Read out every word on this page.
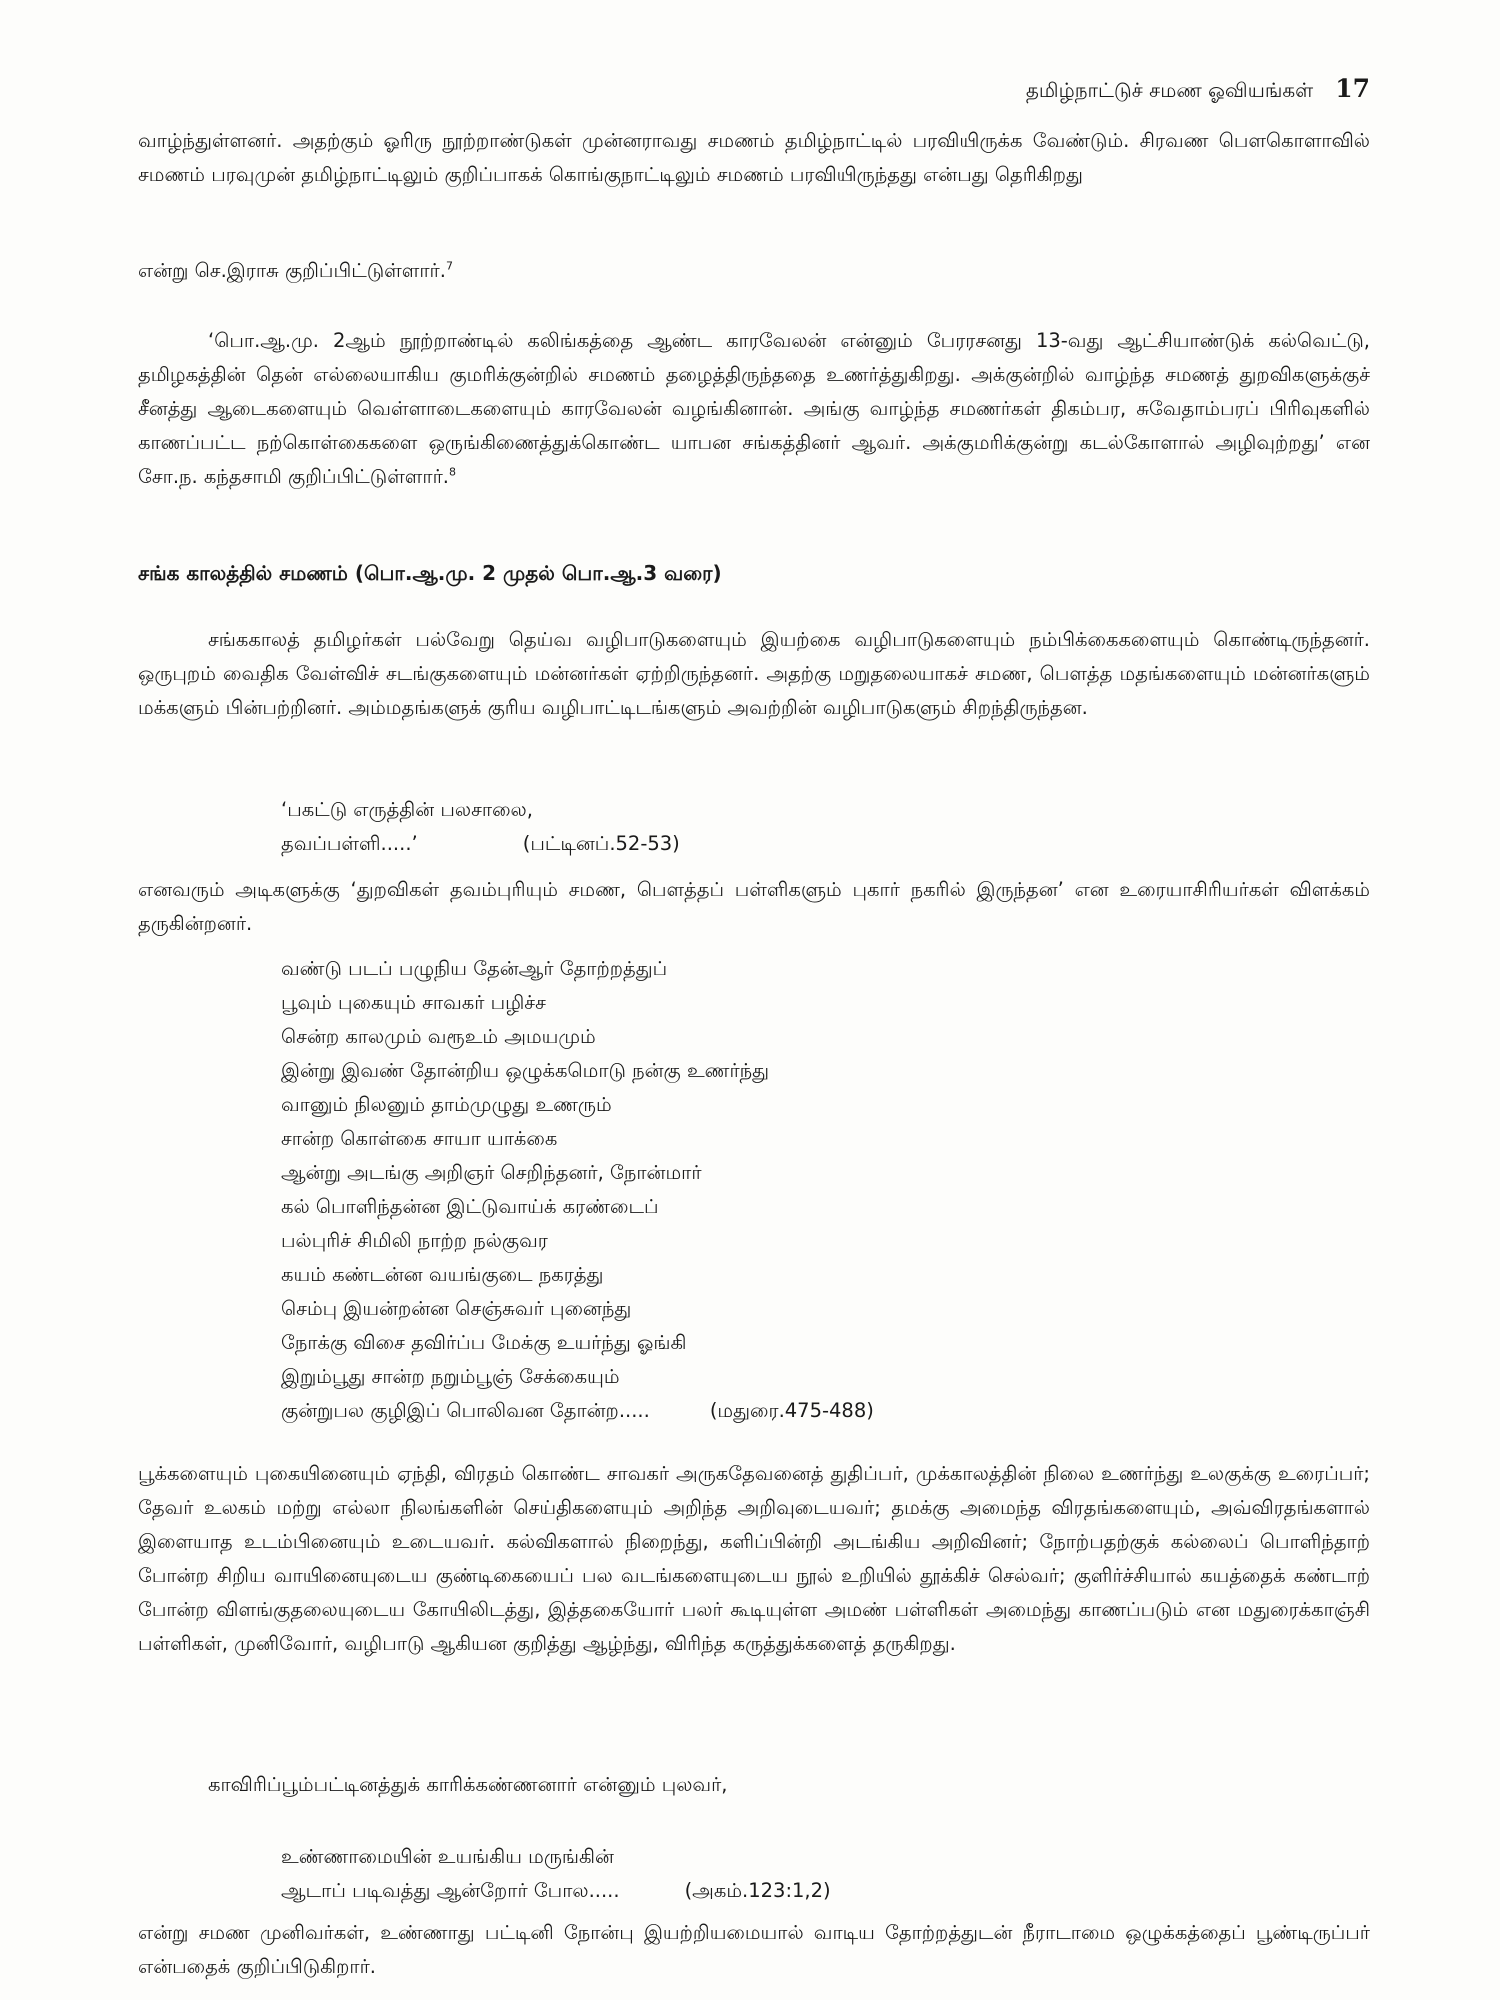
தமிழ்நாட்டுச் சமண ஓவியங்கள் 17

வாழ்ந்துள்ளனர். அதற்கும் ஓரிரு நூற்றாண்டுகள் முன்னராவது சமணம் தமிழ்நாட்டில் பரவியிருக்க வேண்டும். சிரவண பெளகொளாவில் சமணம் பரவுமுன் தமிழ்நாட்டிலும் குறிப்பாகக் கொங்குநாட்டிலும் சமணம் பரவியிருந்தது என்பது தெரிகிறது

என்று செ.இராசு குறிப்பிட்டுள்ளார்.$^7$

‘பொ.ஆ.மு. 2ஆம் நூற்றாண்டில் கலிங்கத்தை ஆண்ட காரவேலன் என்னும் பேரரசனது 13-வது ஆட்சியாண்டுக் கல்வெட்டு, தமிழகத்தின் தென் எல்லையாகிய குமரிக்குன்றில் சமணம் தழைத்திருந்ததை உணர்த்துகிறது. அக்குன்றில் வாழ்ந்த சமணத் துறவிகளுக்குச் சீனத்து ஆடைகளையும் வெள்ளாடைகளையும் காரவேலன் வழங்கினான். அங்கு வாழ்ந்த சமணர்கள் திகம்பர, சுவேதாம்பரப் பிரிவுகளில் காணப்பட்ட நற்கொள்கைகளை ஒருங்கிணைத்துக்கொண்ட யாபன சங்கத்தினர் ஆவர். அக்குமரிக்குன்று கடல்கோளால் அழிவுற்றது’ என சோ.ந. கந்தசாமி குறிப்பிட்டுள்ளார்.$^8$

சங்க காலத்தில் சமணம் (பொ.ஆ.மு. 2 முதல் பொ.ஆ.3 வரை)

சங்ககாலத் தமிழர்கள் பல்வேறு தெய்வ வழிபாடுகளையும் இயற்கை வழிபாடுகளையும் நம்பிக்கைகளையும் கொண்டிருந்தனர். ஒருபுறம் வைதிக வேள்விச் சடங்குகளையும் மன்னர்கள் ஏற்றிருந்தனர். அதற்கு மறுதலையாகச் சமண, பௌத்த மதங்களையும் மன்னர்களும் மக்களும் பின்பற்றினர். அம்மதங்களுக் குரிய வழிபாட்டிடங்களும் அவற்றின் வழிபாடுகளும் சிறந்திருந்தன.

‘பகட்டு எருத்தின் பலசாலை,
தவப்பள்ளி.....’	(பட்டினப்.52-53)

எனவரும் அடிகளுக்கு ‘துறவிகள் தவம்புரியும் சமண, பௌத்தப் பள்ளிகளும் புகார் நகரில் இருந்தன’ என உரையாசிரியர்கள் விளக்கம் தருகின்றனர்.

வண்டு படப் பழுநிய தேன்ஆர் தோற்றத்துப்
பூவும் புகையும் சாவகர் பழிச்ச
சென்ற காலமும் வரூஉம் அமயமும்
இன்று இவண் தோன்றிய ஒழுக்கமொடு நன்கு உணர்ந்து
வானும் நிலனும் தாம்முழுது உணரும்
சான்ற கொள்கை சாயா யாக்கை
ஆன்று அடங்கு அறிஞர் செறிந்தனர், நோன்மார்
கல் பொளிந்தன்ன இட்டுவாய்க் கரண்டைப்
பல்புரிச் சிமிலி நாற்ற நல்குவர
கயம் கண்டன்ன வயங்குடை நகரத்து
செம்பு இயன்றன்ன செஞ்சுவர் புனைந்து
நோக்கு விசை தவிர்ப்ப மேக்கு உயர்ந்து ஓங்கி
இறும்பூது சான்ற நறும்பூஞ் சேக்கையும்
குன்றுபல குழிஇப் பொலிவன தோன்ற.....	(மதுரை.475-488)

பூக்களையும் புகையினையும் ஏந்தி, விரதம் கொண்ட சாவகர் அருகதேவனைத் துதிப்பர், முக்காலத்தின் நிலை உணர்ந்து உலகுக்கு உரைப்பர்; தேவர் உலகம் மற்று எல்லா நிலங்களின் செய்திகளையும் அறிந்த அறிவுடையவர்; தமக்கு அமைந்த விரதங்களையும், அவ்விரதங்களால் இளையாத உடம்பினையும் உடையவர். கல்விகளால் நிறைந்து, களிப்பின்றி அடங்கிய அறிவினர்; நோற்பதற்குக் கல்லைப் பொளிந்தாற் போன்ற சிறிய வாயினையுடைய குண்டிகையைப் பல வடங்களையுடைய நூல் உறியில் தூக்கிச் செல்வர்; குளிர்ச்சியால் கயத்தைக் கண்டாற் போன்ற விளங்குதலையுடைய கோயிலிடத்து, இத்தகையோர் பலர் கூடியுள்ள அமண் பள்ளிகள் அமைந்து காணப்படும் என மதுரைக்காஞ்சி பள்ளிகள், முனிவோர், வழிபாடு ஆகியன குறித்து ஆழ்ந்து, விரிந்த கருத்துக்களைத் தருகிறது.

காவிரிப்பூம்பட்டினத்துக் காரிக்கண்ணனார் என்னும் புலவர்,

உண்ணாமையின் உயங்கிய மருங்கின்
ஆடாப் படிவத்து ஆன்றோர் போல.....	(அகம்.123:1,2)

என்று சமண முனிவர்கள், உண்ணாது பட்டினி நோன்பு இயற்றியமையால் வாடிய தோற்றத்துடன் நீராடாமை ஒழுக்கத்தைப் பூண்டிருப்பர் என்பதைக் குறிப்பிடுகிறார்.
